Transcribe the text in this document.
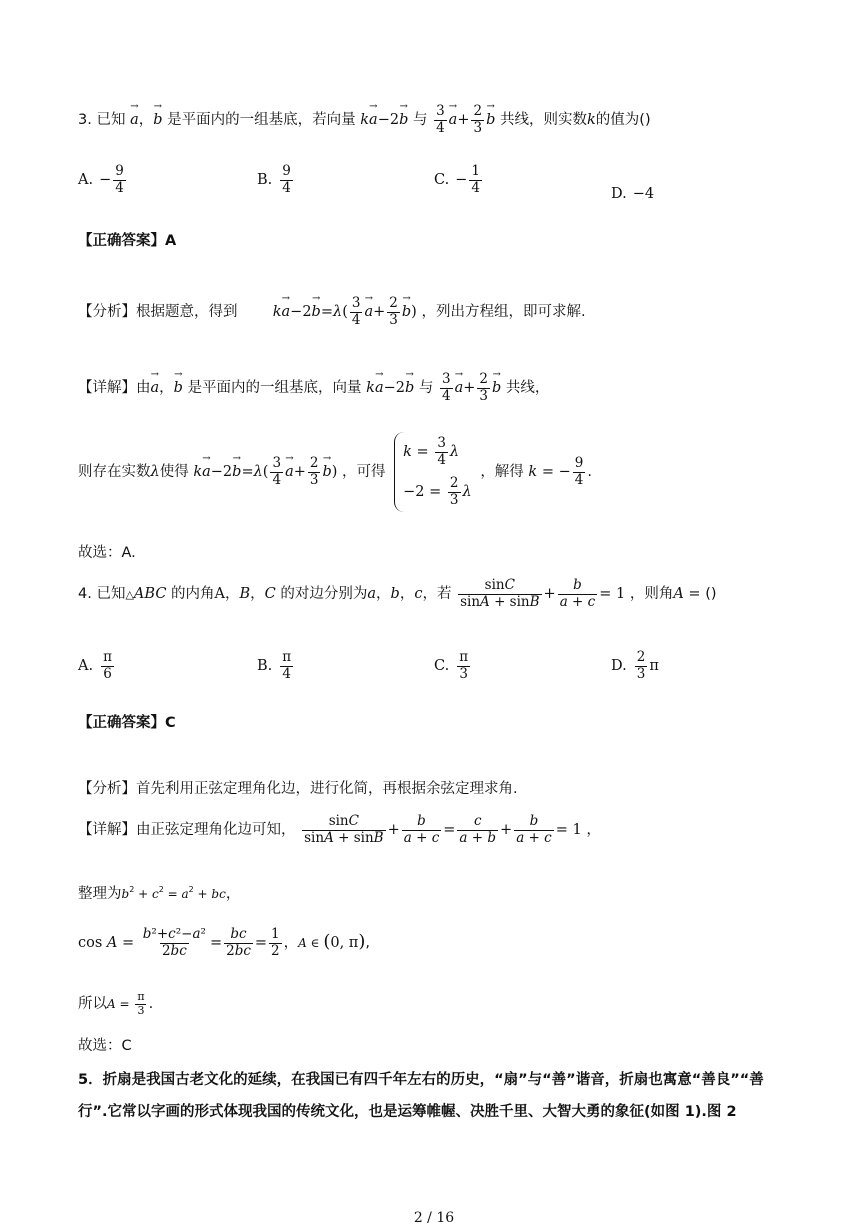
3. 已知 → a，→ b 是平面内的一组基底，若向量 k→ a−2→ b 与 $\frac{3}{4}$
→ $a+ \frac{2}{3}$
→ b 共线，则实数k的值为()
A. − $\frac{9}{4}$	B. $\frac{9}{4}$	C. − $\frac{1}{4}$	D. −4
【正确答案】A
【分析】根据题意，得到 $k\to a-2\to b=\lambda( \frac{3}{4}$
→ $a+ \frac{2}{3}$
→ b) ，列出方程组，即可求解.
【详解】由→ a，→ b 是平面内的一组基底，向量 k→ a−2→ b 与 $\frac{3}{4}$
→ $a+ \frac{2}{3}$
→ b 共线，
则存在实数λ使得 $k\to a-2\to b=\lambda( \frac{3}{4}$
→ $a+ \frac{2}{3}$
→ b) ，可得
$k = \frac{3}{4}$ λ
$-2 = \frac{2}{3}$ λ
，解得 k = − $\frac{9}{4}$ .
故选：A.
4. 已知△ABC 的内角A，B，C 的对边分别为a，b，c，若 $\frac{\sin C}{\sin A + \sin B} + \frac{b}{a + c} = 1$ ，则角A = ()
A. $\frac{\pi}{6}$	B. $\frac{\pi}{4}$	C. $\frac{\pi}{3}$	D. $\frac{2}{3}$ π
【正确答案】C
【分析】首先利用正弦定理角化边，进行化简，再根据余弦定理求角.
【详解】由正弦定理角化边可知， $\frac{\sin C}{\sin A + \sin B} + \frac{b}{a + c} = \frac{c}{a + b} + \frac{b}{a + c} = 1$ ，
整理为$b^2 + c^2 = a^2$ + bc，
$\cos A = \frac{\text{b²+c²−a²}}{2bc} = \frac{bc}{2bc} = \frac{1}{2}$ ，A ∈ (0, π),
所以$A = \frac{\pi}{3}$ .
故选：C
5．折扇是我国古老文化的延续，在我国已有四千年左右的历史，“扇”与“善”谐音，折扇也寓意“善良”“善
行”.它常以字画的形式体现我国的传统文化，也是运筹帷幄、决胜千里、大智大勇的象征(如图 1).图 2
2 / 16
